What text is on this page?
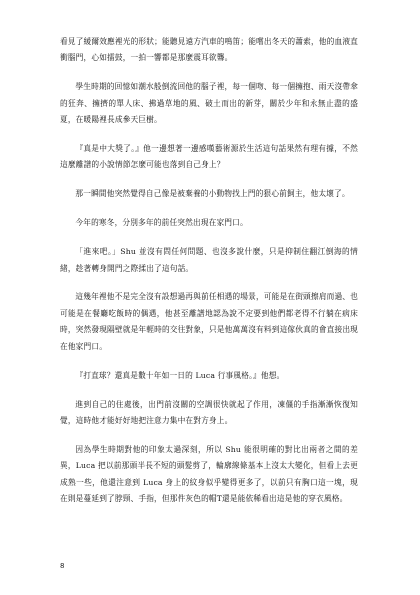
看見了緩爾效應裡光的形狀；能聽見遠方汽車的鳴笛；能嚐出冬天的蕭索，他的血液直衝腦門，心如擂鼓，一拍一響都是那麼震耳欲聾。

學生時期的回憶如潮水般倒流回他的腦子裡，每一個吻、每一個擁抱、雨天沒帶傘的狂奔、擁擠的單人床、拂過草地的風、破土而出的新芽，關於少年和永無止盡的盛夏，在暖陽裡長成參天巨樹。

『真是中大獎了。』他一邊想著一邊感嘆藝術源於生活這句話果然有理有據，不然這麼離譜的小說情節怎麼可能也落到自己身上？

那一瞬間他突然覺得自己像是被棄養的小動物找上門的狠心前飼主，他太壞了。

今年的寒冬，分別多年的前任突然出現在家門口。

「進來吧。」Shu 並沒有問任何問題、也沒多說什麼，只是抑制住翻江倒海的情緒，趁著轉身開門之際揉出了這句話。

這幾年裡他不是完全沒有設想過再與前任相遇的場景，可能是在街頭擦肩而過、也可能是在餐廳吃飯時的偶遇，他甚至離譜地認為說不定要到他們都老得不行躺在病床時，突然發現隔壁就是年輕時的交往對象，只是他萬萬沒有料到這傢伙真的會直接出現在他家門口。

『打直球？還真是數十年如一日的 Luca 行事風格。』他想。

進到自己的住處後，出門前沒關的空調很快就起了作用，凍僵的手指漸漸恢復知覺，這時他才能好好地把注意力集中在對方身上。

因為學生時期對他的印象太過深刻，所以 Shu 能很明確的對比出兩者之間的差異，Luca 把以前那頭半長不短的頭髮剪了，輪廓線條基本上沒太大變化，但看上去更成熟一些，他還注意到 Luca 身上的紋身似乎變得更多了，以前只有胸口這一塊，現在則是蔓延到了脖頸、手指，但那件灰色的帽T還是能依稀看出這是他的穿衣風格。

8
